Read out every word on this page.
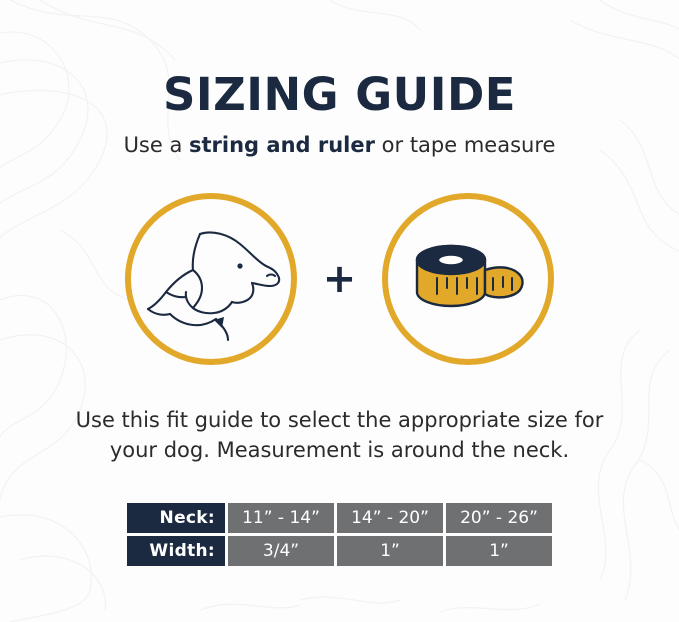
SIZING GUIDE
Use a string and ruler or tape measure
+
Use this fit guide to select the appropriate size for your dog. Measurement is around the neck.
Neck:	11” - 14”	14” - 20”	20” - 26”
Width:	3/4”	1”	1”
